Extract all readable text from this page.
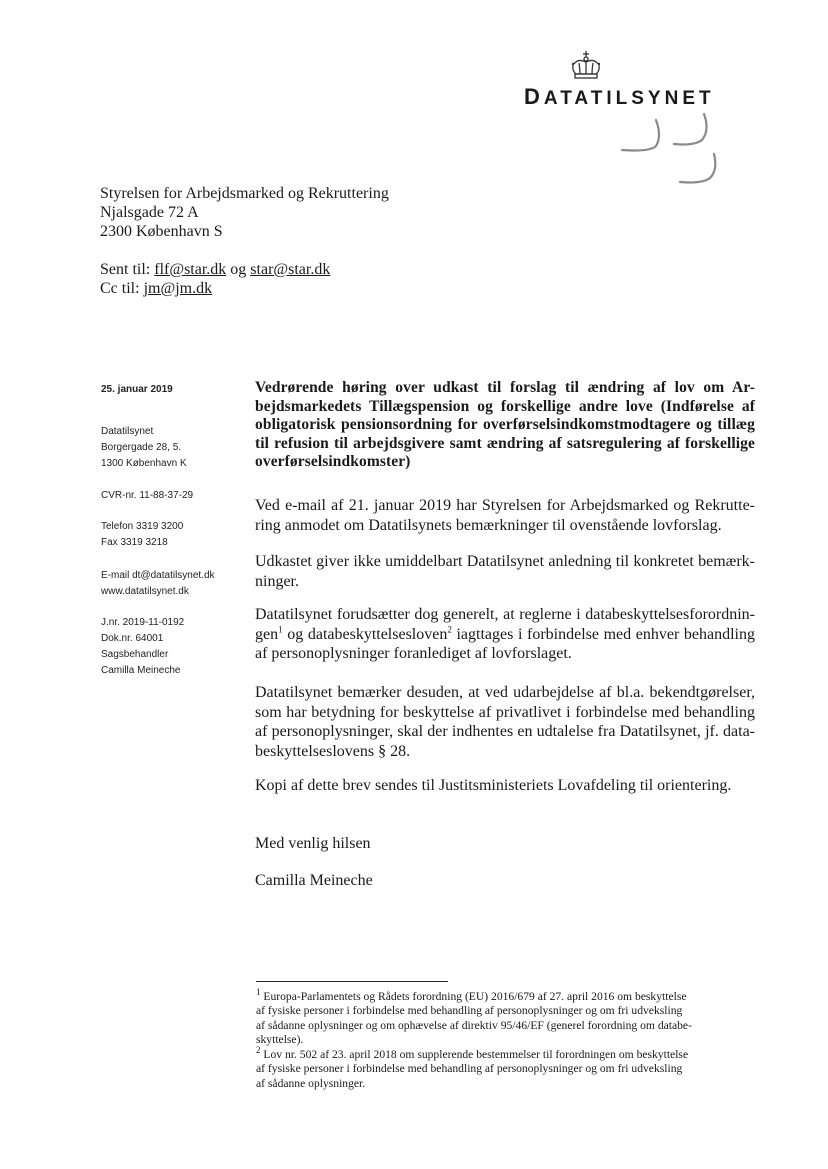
DATATILSYNET
Styrelsen for Arbejdsmarked og Rekruttering
Njalsgade 72 A
2300 København S
Sent til: flf@star.dk og star@star.dk
Cc til: jm@jm.dk
25. januar 2019
Datatilsynet
Borgergade 28, 5.
1300 København K
CVR-nr. 11-88-37-29
Telefon 3319 3200
Fax 3319 3218
E-mail dt@datatilsynet.dk
www.datatilsynet.dk
J.nr. 2019-11-0192
Dok.nr. 64001
Sagsbehandler
Camilla Meineche
Vedrørende høring over udkast til forslag til ændring af lov om Ar-
bejdsmarkedets Tillægspension og forskellige andre love (Indførelse af
obligatorisk pensionsordning for overførselsindkomstmodtagere og tillæg
til refusion til arbejdsgivere samt ændring af satsregulering af forskellige
overførselsindkomster)
Ved e-mail af 21. januar 2019 har Styrelsen for Arbejdsmarked og Rekrutte-
ring anmodet om Datatilsynets bemærkninger til ovenstående lovforslag.
Udkastet giver ikke umiddelbart Datatilsynet anledning til konkretet bemærk-
ninger.
Datatilsynet forudsætter dog generelt, at reglerne i databeskyttelsesforordnin-
gen$^1$ og databeskyttelsesloven$^2$ iagttages i forbindelse med enhver behandling
af personoplysninger foranlediget af lovforslaget.
Datatilsynet bemærker desuden, at ved udarbejdelse af bl.a. bekendtgørelser,
som har betydning for beskyttelse af privatlivet i forbindelse med behandling
af personoplysninger, skal der indhentes en udtalelse fra Datatilsynet, jf. data-
beskyttelseslovens § 28.
Kopi af dette brev sendes til Justitsministeriets Lovafdeling til orientering.
Med venlig hilsen
Camilla Meineche
$^1$ Europa-Parlamentets og Rådets forordning (EU) 2016/679 af 27. april 2016 om beskyttelse
af fysiske personer i forbindelse med behandling af personoplysninger og om fri udveksling
af sådanne oplysninger og om ophævelse af direktiv 95/46/EF (generel forordning om databe-
skyttelse).
$^2$ Lov nr. 502 af 23. april 2018 om supplerende bestemmelser til forordningen om beskyttelse
af fysiske personer i forbindelse med behandling af personoplysninger og om fri udveksling
af sådanne oplysninger.
